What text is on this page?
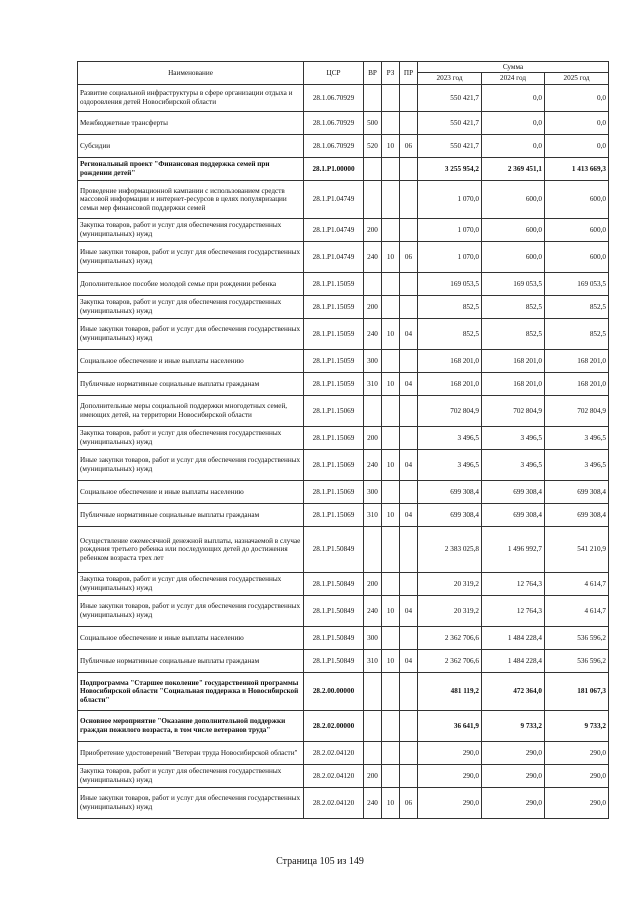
Наименование	ЦСР	ВР	РЗ	ПР	Сумма		
					2023 год	2024 год	2025 год
Развитие социальной инфраструктуры в сфере организации отдыха и оздоровления детей Новосибирской области	28.1.06.70929				550 421,7	0,0	0,0
Межбюджетные трансферты	28.1.06.70929	500			550 421,7	0,0	0,0
Субсидии	28.1.06.70929	520	10	06	550 421,7	0,0	0,0
Региональный проект "Финансовая поддержка семей при рождении детей"	28.1.P1.00000				3 255 954,2	2 369 451,1	1 413 669,3
Проведение информационной кампании с использованием средств массовой информации и интернет-ресурсов в целях популяризации семьи мер финансовой поддержки семей	28.1.P1.04749				1 070,0	600,0	600,0
Закупка товаров, работ и услуг для обеспечения государственных (муниципальных) нужд	28.1.P1.04749	200			1 070,0	600,0	600,0
Иные закупки товаров, работ и услуг для обеспечения государственных (муниципальных) нужд	28.1.P1.04749	240	10	06	1 070,0	600,0	600,0
Дополнительное пособие молодой семье при рождении ребенка	28.1.P1.15059				169 053,5	169 053,5	169 053,5
Закупка товаров, работ и услуг для обеспечения государственных (муниципальных) нужд	28.1.P1.15059	200			852,5	852,5	852,5
Иные закупки товаров, работ и услуг для обеспечения государственных (муниципальных) нужд	28.1.P1.15059	240	10	04	852,5	852,5	852,5
Социальное обеспечение и иные выплаты населению	28.1.P1.15059	300			168 201,0	168 201,0	168 201,0
Публичные нормативные социальные выплаты гражданам	28.1.P1.15059	310	10	04	168 201,0	168 201,0	168 201,0
Дополнительные меры социальной поддержки многодетных семей, имеющих детей, на территории Новосибирской области	28.1.P1.15069				702 804,9	702 804,9	702 804,9
Закупка товаров, работ и услуг для обеспечения государственных (муниципальных) нужд	28.1.P1.15069	200			3 496,5	3 496,5	3 496,5
Иные закупки товаров, работ и услуг для обеспечения государственных (муниципальных) нужд	28.1.P1.15069	240	10	04	3 496,5	3 496,5	3 496,5
Социальное обеспечение и иные выплаты населению	28.1.P1.15069	300			699 308,4	699 308,4	699 308,4
Публичные нормативные социальные выплаты гражданам	28.1.P1.15069	310	10	04	699 308,4	699 308,4	699 308,4
Осуществление ежемесячной денежной выплаты, назначаемой в случае рождения третьего ребенка или последующих детей до достижения ребенком возраста трех лет	28.1.P1.50849				2 383 025,8	1 496 992,7	541 210,9
Закупка товаров, работ и услуг для обеспечения государственных (муниципальных) нужд	28.1.P1.50849	200			20 319,2	12 764,3	4 614,7
Иные закупки товаров, работ и услуг для обеспечения государственных (муниципальных) нужд	28.1.P1.50849	240	10	04	20 319,2	12 764,3	4 614,7
Социальное обеспечение и иные выплаты населению	28.1.P1.50849	300			2 362 706,6	1 484 228,4	536 596,2
Публичные нормативные социальные выплаты гражданам	28.1.P1.50849	310	10	04	2 362 706,6	1 484 228,4	536 596,2
Подпрограмма "Старшее поколение" государственной программы Новосибирской области "Социальная поддержка в Новосибирской области"	28.2.00.00000				481 119,2	472 364,0	181 067,3
Основное мероприятие "Оказание дополнительной поддержки граждан пожилого возраста, в том числе ветеранов труда"	28.2.02.00000				36 641,9	9 733,2	9 733,2
Приобретение удостоверений "Ветеран труда Новосибирской области"	28.2.02.04120				290,0	290,0	290,0
Закупка товаров, работ и услуг для обеспечения государственных (муниципальных) нужд	28.2.02.04120	200			290,0	290,0	290,0
Иные закупки товаров, работ и услуг для обеспечения государственных (муниципальных) нужд	28.2.02.04120	240	10	06	290,0	290,0	290,0
Страница 105 из 149
